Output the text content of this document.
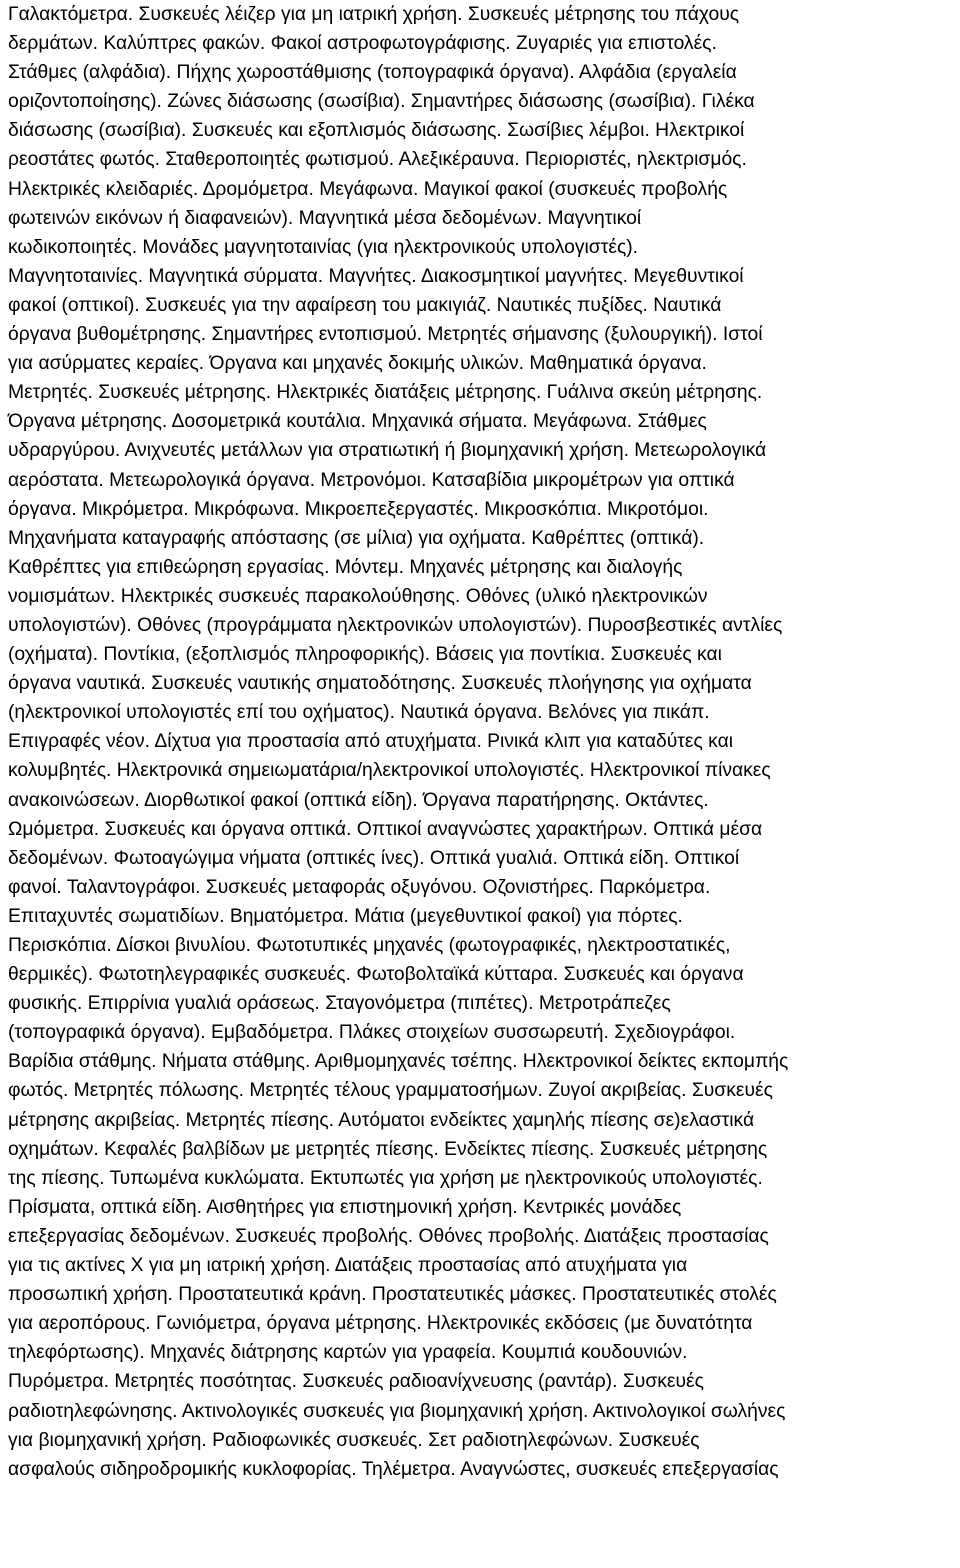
Γαλακτόμετρα. Συσκευές λέιζερ για μη ιατρική χρήση. Συσκευές μέτρησης του πάχους
δερμάτων. Καλύπτρες φακών. Φακοί αστροφωτογράφισης. Ζυγαριές για επιστολές.
Στάθμες (αλφάδια). Πήχης χωροστάθμισης (τοπογραφικά όργανα). Αλφάδια (εργαλεία
οριζοντοποίησης). Ζώνες διάσωσης (σωσίβια). Σημαντήρες διάσωσης (σωσίβια). Γιλέκα
διάσωσης (σωσίβια). Συσκευές και εξοπλισμός διάσωσης. Σωσίβιες λέμβοι. Ηλεκτρικοί
ρεοστάτες φωτός. Σταθεροποιητές φωτισμού. Αλεξικέραυνα. Περιοριστές, ηλεκτρισμός.
Ηλεκτρικές κλειδαριές. Δρομόμετρα. Μεγάφωνα. Μαγικοί φακοί (συσκευές προβολής
φωτεινών εικόνων ή διαφανειών). Μαγνητικά μέσα δεδομένων. Μαγνητικοί
κωδικοποιητές. Μονάδες μαγνητοταινίας (για ηλεκτρονικούς υπολογιστές).
Μαγνητοταινίες. Μαγνητικά σύρματα. Μαγνήτες. Διακοσμητικοί μαγνήτες. Μεγεθυντικοί
φακοί (οπτικοί). Συσκευές για την αφαίρεση του μακιγιάζ. Ναυτικές πυξίδες. Ναυτικά
όργανα βυθομέτρησης. Σημαντήρες εντοπισμού. Μετρητές σήμανσης (ξυλουργική). Ιστοί
για ασύρματες κεραίες. Όργανα και μηχανές δοκιμής υλικών. Μαθηματικά όργανα.
Μετρητές. Συσκευές μέτρησης. Ηλεκτρικές διατάξεις μέτρησης. Γυάλινα σκεύη μέτρησης.
Όργανα μέτρησης. Δοσομετρικά κουτάλια. Μηχανικά σήματα. Μεγάφωνα. Στάθμες
υδραργύρου. Ανιχνευτές μετάλλων για στρατιωτική ή βιομηχανική χρήση. Μετεωρολογικά
αερόστατα. Μετεωρολογικά όργανα. Μετρονόμοι. Κατσαβίδια μικρομέτρων για οπτικά
όργανα. Μικρόμετρα. Μικρόφωνα. Μικροεπεξεργαστές. Μικροσκόπια. Μικροτόμοι.
Μηχανήματα καταγραφής απόστασης (σε μίλια) για οχήματα. Καθρέπτες (οπτικά).
Καθρέπτες για επιθεώρηση εργασίας. Μόντεμ. Μηχανές μέτρησης και διαλογής
νομισμάτων. Ηλεκτρικές συσκευές παρακολούθησης. Οθόνες (υλικό ηλεκτρονικών
υπολογιστών). Οθόνες (προγράμματα ηλεκτρονικών υπολογιστών). Πυροσβεστικές αντλίες
(οχήματα). Ποντίκια, (εξοπλισμός πληροφορικής). Βάσεις για ποντίκια. Συσκευές και
όργανα ναυτικά. Συσκευές ναυτικής σηματοδότησης. Συσκευές πλοήγησης για οχήματα
(ηλεκτρονικοί υπολογιστές επί του οχήματος). Ναυτικά όργανα. Βελόνες για πικάπ.
Επιγραφές νέον. Δίχτυα για προστασία από ατυχήματα. Ρινικά κλιπ για καταδύτες και
κολυμβητές. Ηλεκτρονικά σημειωματάρια/ηλεκτρονικοί υπολογιστές. Ηλεκτρονικοί πίνακες
ανακοινώσεων. Διορθωτικοί φακοί (οπτικά είδη). Όργανα παρατήρησης. Οκτάντες.
Ωμόμετρα. Συσκευές και όργανα οπτικά. Οπτικοί αναγνώστες χαρακτήρων. Οπτικά μέσα
δεδομένων. Φωτοαγώγιμα νήματα (οπτικές ίνες). Οπτικά γυαλιά. Οπτικά είδη. Οπτικοί
φανοί. Ταλαντογράφοι. Συσκευές μεταφοράς οξυγόνου. Οζονιστήρες. Παρκόμετρα.
Επιταχυντές σωματιδίων. Βηματόμετρα. Μάτια (μεγεθυντικοί φακοί) για πόρτες.
Περισκόπια. Δίσκοι βινυλίου. Φωτοτυπικές μηχανές (φωτογραφικές, ηλεκτροστατικές,
θερμικές). Φωτοτηλεγραφικές συσκευές. Φωτοβολταϊκά κύτταρα. Συσκευές και όργανα
φυσικής. Επιρρίνια γυαλιά οράσεως. Σταγονόμετρα (πιπέτες). Μετροτράπεζες
(τοπογραφικά όργανα). Εμβαδόμετρα. Πλάκες στοιχείων συσσωρευτή. Σχεδιογράφοι.
Βαρίδια στάθμης. Νήματα στάθμης. Αριθμομηχανές τσέπης. Ηλεκτρονικοί δείκτες εκπομπής
φωτός. Μετρητές πόλωσης. Μετρητές τέλους γραμματοσήμων. Ζυγοί ακριβείας. Συσκευές
μέτρησης ακριβείας. Μετρητές πίεσης. Αυτόματοι ενδείκτες χαμηλής πίεσης σε)ελαστικά
οχημάτων. Κεφαλές βαλβίδων με μετρητές πίεσης. Ενδείκτες πίεσης. Συσκευές μέτρησης
της πίεσης. Τυπωμένα κυκλώματα. Εκτυπωτές για χρήση με ηλεκτρονικούς υπολογιστές.
Πρίσματα, οπτικά είδη. Αισθητήρες για επιστημονική χρήση. Κεντρικές μονάδες
επεξεργασίας δεδομένων. Συσκευές προβολής. Οθόνες προβολής. Διατάξεις προστασίας
για τις ακτίνες Χ για μη ιατρική χρήση. Διατάξεις προστασίας από ατυχήματα για
προσωπική χρήση. Προστατευτικά κράνη. Προστατευτικές μάσκες. Προστατευτικές στολές
για αεροπόρους. Γωνιόμετρα, όργανα μέτρησης. Ηλεκτρονικές εκδόσεις (με δυνατότητα
τηλεφόρτωσης). Μηχανές διάτρησης καρτών για γραφεία. Κουμπιά κουδουνιών.
Πυρόμετρα. Μετρητές ποσότητας. Συσκευές ραδιοανίχνευσης (ραντάρ). Συσκευές
ραδιοτηλεφώνησης. Ακτινολογικές συσκευές για βιομηχανική χρήση. Ακτινολογικοί σωλήνες
για βιομηχανική χρήση. Ραδιοφωνικές συσκευές. Σετ ραδιοτηλεφώνων. Συσκευές
ασφαλούς σιδηροδρομικής κυκλοφορίας. Τηλέμετρα. Αναγνώστες, συσκευές επεξεργασίας
